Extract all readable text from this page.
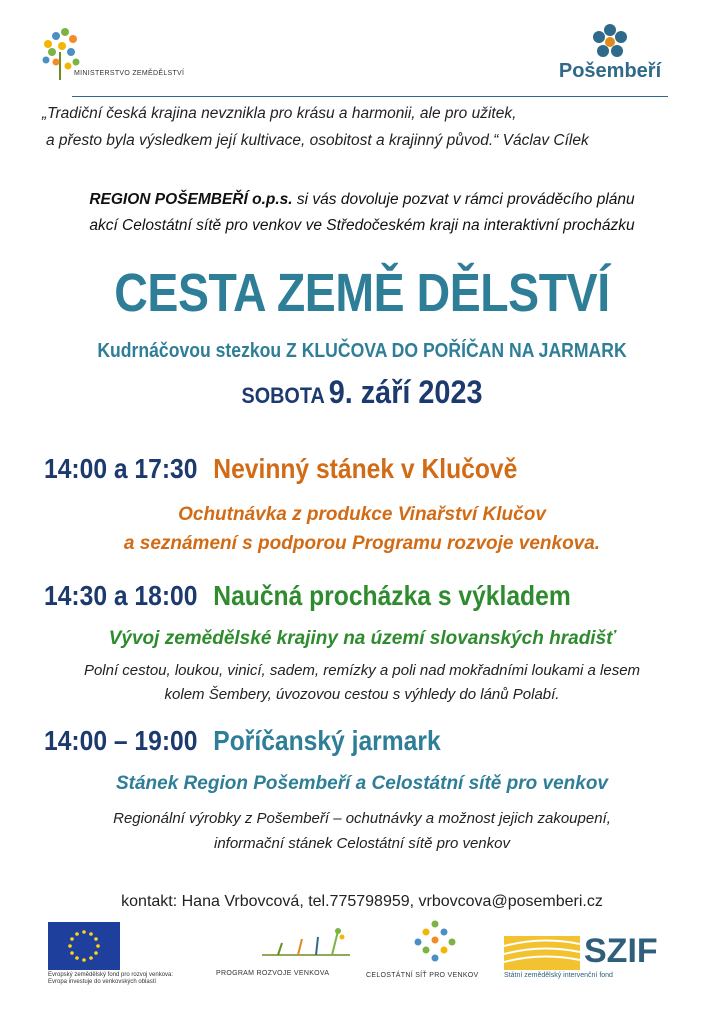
MINISTERSTVO ZEMĚDĚLSTVÍ	Pošembeří
„Tradiční česká krajina nevznikla pro krásu a harmonii, ale pro užitek,
a přesto byla výsledkem její kultivace, osobitost a krajinný původ.“ Václav Cílek
REGION POŠEMBEŘÍ o.p.s. si vás dovoluje pozvat v rámci prováděcího plánu
akcí Celostátní sítě pro venkov ve Středočeském kraji na interaktivní procházku
CESTA ZEMĚ DĚLSTVÍ
Kudrnáčovou stezkou Z KLUČOVA DO POŘÍČAN NA JARMARK
SOBOTA 9. září 2023
14:00 a 17:30 Nevinný stánek v Klučově
Ochutnávka z produkce Vinařství Klučov
a seznámení s podporou Programu rozvoje venkova.
14:30 a 18:00 Naučná procházka s výkladem
Vývoj zemědělské krajiny na území slovanských hradišť
Polní cestou, loukou, vinicí, sadem, remízky a poli nad mokřadními loukami a lesem
kolem Šembery, úvozovou cestou s výhledy do lánů Polabí.
14:00 – 19:00 Poříčanský jarmark
Stánek Region Pošembeří a Celostátní sítě pro venkov
Regionální výrobky z Pošembeří – ochutnávky a možnost jejich zakoupení,
informační stánek Celostátní sítě pro venkov
kontakt: Hana Vrbovcová, tel.775798959, vrbovcova@posemberi.cz
Evropský zemědělský fond pro rozvoj venkova:
Evropa investuje do venkovských oblastí
PROGRAM ROZVOJE VENKOVA	CELOSTÁTNÍ SÍŤ PRO VENKOV
SZIF
Státní zemědělský intervenční fond
